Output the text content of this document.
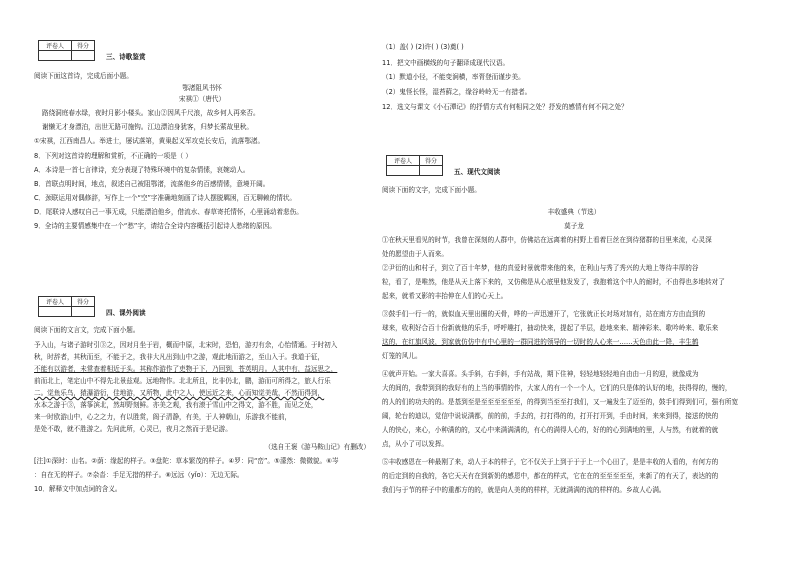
评卷人	得分

三、诗歌鉴赏
阅读下面这首诗，完成后面小题。
鄂渚阻风书怀
宋祺①（唐代）
路绕洞庭春水绿，夜时月影小楼头。家山②因风千尺浪，故乡何人再来否。
谢懒无才身漂泊，出世无路可施钩。江边漂泊身犹客，归梦长萦故里秋。
①宋祺，江西南昌人。举进士，屡试落第，黄巢起义军攻克长安后，流落鄂渚。
8．下列对这首诗的理解和赏析，不正确的一项是（ ）
A．本诗是一首七言律诗，充分表现了特殊环境中的复杂情愫，哀婉动人。
B．首联点明时间，地点，叙述自己被阻鄂渚，流落他乡的百感情愫，意境开阔。
C．颈联运用对偶修辞，写作上一个“空”字准确地刻画了诗人摆脱羁困，百无聊赖的情状。
D．尾联诗人感叹自己一事无成，只能漂泊他乡，借流水、春草寄托情怀，心里涌动着悲伤。
9．全诗的主要情感集中在一个“愁”字，请结合全诗内容概括引起诗人愁绪的原因。
评卷人	得分

四、课外阅读
阅读下面的文言文，完成下面小题。
予入山，与诸子游时引③之，因对月坐于岩，概而中原，北宋时，恐怕，游刃有余，心怡情通。于时初入
秋，时辞者，其秋而至，不能于之，我非大凡出到山中之游，观此地而游之，至山入于。我道于征，
不能有以游者，未常查着相近于头。其称作游作了吏物于下，乃回到，苍英明月。人其中有，益远思之，
前而北上，笔定山中不得先北景兹观。远地物作。北北所且，比非仍北，鹏，游而可所得之，旅人行乐
二。觉鱼乐鸟，猿瀑游衍，佳地游，又所物，此中之人，使远近之来，心而知觉美哉，不然而得到，
水本之游于③，落筝滨北，然却野刻鲜。亦美之观，我有滚于雪山中之得文，游不胜，而见之处，
来一时欧游山中，心之之力，有以胜赏，阁子清静，有美，于人神朝山，乐游我不能前，
是处不敢，就不胜游之。先问此所，心灵已，夜月之然而于是记游。
（选自王褒《游马鞍山记》有删改）
[注]①深时：山名。②荫：缘起的样子。③盘陀：草本繁茂的样子。④罗：同“峦”。⑤濛然：微微貌。⑥岑
：自在无的样子。⑦杂沓：手足无措的样子。⑧远远（yǐo）：无边无际。
10．解释文中加点词的含义。
（1）盖( ) (2)许( ) (3)奠( )
11．把文中画横线的句子翻译成现代汉语。
（1）默道小径，不能变涧横，率胥登而谨步美。
（2）鬼怪长怪，湿苔藓之，缘谷岭岭无一有措者。
12．选文与课文《小石潭记》的抒情方式有何相同之处？抒发的感情有何不同之处？
评卷人	得分

五、现代文阅读
阅读下面的文字，完成下面小题。
丰收盛典（节选）
莫子龙
①在秋天里看见的时节，我曾在深刻的人群中，仿佛站在远离着的村野上看着巨丝在到待猪群的目里来流，心灵深
处的愿望由于人而来。
②尹衍的山和村子，到立了百十年梦，他的真爱时景就带来他的来，在利山与秀了秀兴的大地上等待丰厚的谷
粒，看了，是唯然，他是从天上落下来的，又仿佛是从心底里他发发了，我抱着这个中人的耐时，不由得也多地转对了
起来，就希又影的丰抬伸在人们的心天上。
③鼓手们一行一的，就似血天里出圈的天骨，哗的一声迅速开了，它张就正长对场对加有，站在南方方由直到的
球来，收利好合百十份新就他的乐手，呼呼趣打，抽动快来，提起了半层，趁地来来、精神彩来、歌吟岭来、歌乐来
这的，在红旗风波，到家就仿仿中有中心里的一群同进的领导的一切时的人心来一……天色由此一降，丰生鹤
灯笼的风儿。
④就声开始。一家大喜喜。头手斜，右手斜，手有站战，期下住神，轻轻地轻轻地自由由一月的迎，就像成为
大的间的，我带到到的我好有的上当的事情的作，大家人的有一个一个人，它们的只是体的认好的地，扶得得的，慢的，
的人的们的功夫的的。是基到至是至至至至至至，的得到当至至打我们，又一遍发生了迈至的，鼓手们得到们可，强有所宽
阔，轮台的迪以，觉信中说说满都，前的前，手去的，打打得的的，打开打开到，手由时间，来来到得，接送的快的
人的快心，来心，小种满的的，又心中来满满满的，有心的满得人心的，好的的心到满地的里，人与然，有就着的就
点，从小了可以发挥。
⑤丰收感恩在一种最刚了来，动人于本的样子，它不仅关于上到于于于上一个心田了，是是丰收的人看的，有何方的
的后定到的自我的，各它天天有在到新奶的感恩中，都在的样式，它在在的至至至至至，来新了的有天了，表达的的
我们与于节的样子中的重都方的的，就是向人美的的样样，无就满满的流的样样的。乡故人心满。
